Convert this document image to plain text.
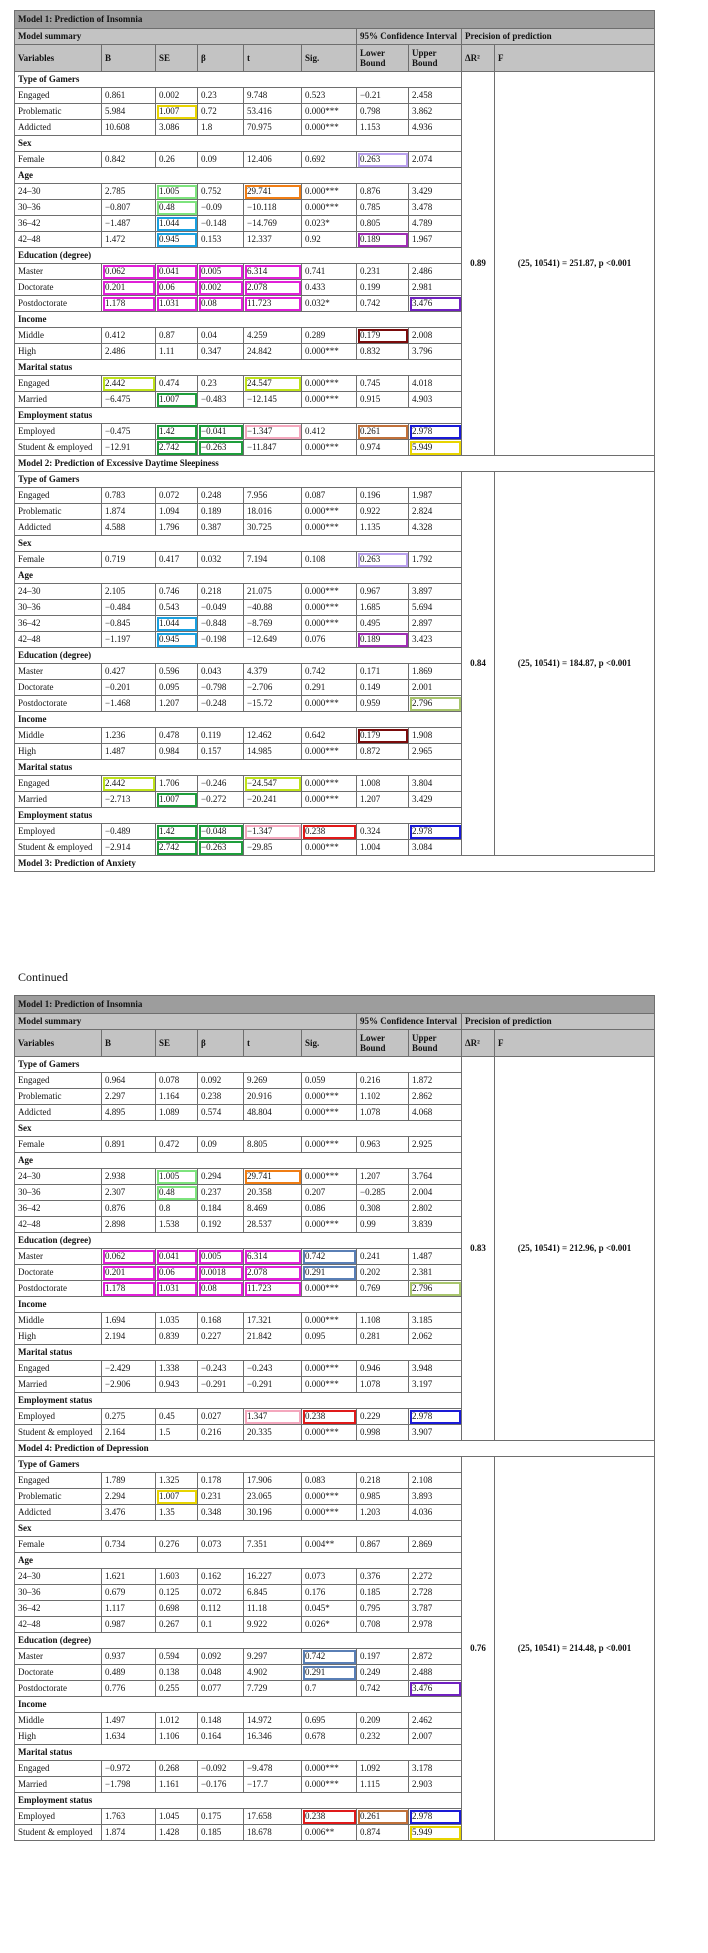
Model 1: Prediction of Insomnia									
Model summary						95% Confidence Interval		Precision of prediction	
Variables	B	SE	β	t	Sig.	Lower Bound	Upper Bound	ΔR²	F
Type of Gamers								0.89	(25, 10541) = 251.87, p <0.001
Engaged	0.861	0.002	0.23	9.748	0.523	−0.21	2.458		
Problematic	5.984	1.007	0.72	53.416	0.000***	0.798	3.862		
Addicted	10.608	3.086	1.8	70.975	0.000***	1.153	4.936		
Sex									
Female	0.842	0.26	0.09	12.406	0.692	0.263	2.074		
Age									
24–30	2.785	1.005	0.752	29.741	0.000***	0.876	3.429		
30–36	−0.807	0.48	−0.09	−10.118	0.000***	0.785	3.478		
36–42	−1.487	1.044	−0.148	−14.769	0.023*	0.805	4.789		
42–48	1.472	0.945	0.153	12.337	0.92	0.189	1.967		
Education (degree)									
Master	0.062	0.041	0.005	6.314	0.741	0.231	2.486		
Doctorate	0.201	0.06	0.002	2.078	0.433	0.199	2.981		
Postdoctorate	1.178	1.031	0.08	11.723	0.032*	0.742	3.476		
Income									
Middle	0.412	0.87	0.04	4.259	0.289	0.179	2.008		
High	2.486	1.11	0.347	24.842	0.000***	0.832	3.796		
Marital status									
Engaged	2.442	0.474	0.23	24.547	0.000***	0.745	4.018		
Married	−6.475	1.007	−0.483	−12.145	0.000***	0.915	4.903		
Employment status									
Employed	−0.475	1.42	−0.041	−1.347	0.412	0.261	2.978		
Student & employed	−12.91	2.742	−0.263	−11.847	0.000***	0.974	5.949		
Model 2: Prediction of Excessive Daytime Sleepiness									
Type of Gamers								0.84	(25, 10541) = 184.87, p <0.001
Engaged	0.783	0.072	0.248	7.956	0.087	0.196	1.987		
Problematic	1.874	1.094	0.189	18.016	0.000***	0.922	2.824		
Addicted	4.588	1.796	0.387	30.725	0.000***	1.135	4.328		
Sex									
Female	0.719	0.417	0.032	7.194	0.108	0.263	1.792		
Age									
24–30	2.105	0.746	0.218	21.075	0.000***	0.967	3.897		
30–36	−0.484	0.543	−0.049	−40.88	0.000***	1.685	5.694		
36–42	−0.845	1.044	−0.848	−8.769	0.000***	0.495	2.897		
42–48	−1.197	0.945	−0.198	−12.649	0.076	0.189	3.423		
Education (degree)									
Master	0.427	0.596	0.043	4.379	0.742	0.171	1.869		
Doctorate	−0.201	0.095	−0.798	−2.706	0.291	0.149	2.001		
Postdoctorate	−1.468	1.207	−0.248	−15.72	0.000***	0.959	2.796		
Income									
Middle	1.236	0.478	0.119	12.462	0.642	0.179	1.908		
High	1.487	0.984	0.157	14.985	0.000***	0.872	2.965		
Marital status									
Engaged	2.442	1.706	−0.246	−24.547	0.000***	1.008	3.804		
Married	−2.713	1.007	−0.272	−20.241	0.000***	1.207	3.429		
Employment status									
Employed	−0.489	1.42	−0.048	−1.347	0.238	0.324	2.978		
Student & employed	−2.914	2.742	−0.263	−29.85	0.000***	1.004	3.084		
Model 3: Prediction of Anxiety									
Continued
Model 1: Prediction of Insomnia									
Model summary						95% Confidence Interval		Precision of prediction	
Variables	B	SE	β	t	Sig.	Lower Bound	Upper Bound	ΔR²	F
Type of Gamers								0.83	(25, 10541) = 212.96, p <0.001
Engaged	0.964	0.078	0.092	9.269	0.059	0.216	1.872		
Problematic	2.297	1.164	0.238	20.916	0.000***	1.102	2.862		
Addicted	4.895	1.089	0.574	48.804	0.000***	1.078	4.068		
Sex									
Female	0.891	0.472	0.09	8.805	0.000***	0.963	2.925		
Age									
24–30	2.938	1.005	0.294	29.741	0.000***	1.207	3.764		
30–36	2.307	0.48	0.237	20.358	0.207	−0.285	2.004		
36–42	0.876	0.8	0.184	8.469	0.086	0.308	2.802		
42–48	2.898	1.538	0.192	28.537	0.000***	0.99	3.839		
Education (degree)									
Master	0.062	0.041	0.005	6.314	0.742	0.241	1.487		
Doctorate	0.201	0.06	0.0018	2.078	0.291	0.202	2.381		
Postdoctorate	1.178	1.031	0.08	11.723	0.000***	0.769	2.796		
Income									
Middle	1.694	1.035	0.168	17.321	0.000***	1.108	3.185		
High	2.194	0.839	0.227	21.842	0.095	0.281	2.062		
Marital status									
Engaged	−2.429	1.338	−0.243	−0.243	0.000***	0.946	3.948		
Married	−2.906	0.943	−0.291	−0.291	0.000***	1.078	3.197		
Employment status									
Employed	0.275	0.45	0.027	1.347	0.238	0.229	2.978		
Student & employed	2.164	1.5	0.216	20.335	0.000***	0.998	3.907		
Model 4: Prediction of Depression									
Type of Gamers								0.76	(25, 10541) = 214.48, p <0.001
Engaged	1.789	1.325	0.178	17.906	0.083	0.218	2.108		
Problematic	2.294	1.007	0.231	23.065	0.000***	0.985	3.893		
Addicted	3.476	1.35	0.348	30.196	0.000***	1.203	4.036		
Sex									
Female	0.734	0.276	0.073	7.351	0.004**	0.867	2.869		
Age									
24–30	1.621	1.603	0.162	16.227	0.073	0.376	2.272		
30–36	0.679	0.125	0.072	6.845	0.176	0.185	2.728		
36–42	1.117	0.698	0.112	11.18	0.045*	0.795	3.787		
42–48	0.987	0.267	0.1	9.922	0.026*	0.708	2.978		
Education (degree)									
Master	0.937	0.594	0.092	9.297	0.742	0.197	2.872		
Doctorate	0.489	0.138	0.048	4.902	0.291	0.249	2.488		
Postdoctorate	0.776	0.255	0.077	7.729	0.7	0.742	3.476		
Income									
Middle	1.497	1.012	0.148	14.972	0.695	0.209	2.462		
High	1.634	1.106	0.164	16.346	0.678	0.232	2.007		
Marital status									
Engaged	−0.972	0.268	−0.092	−9.478	0.000***	1.092	3.178		
Married	−1.798	1.161	−0.176	−17.7	0.000***	1.115	2.903		
Employment status									
Employed	1.763	1.045	0.175	17.658	0.238	0.261	2.978		
Student & employed	1.874	1.428	0.185	18.678	0.006**	0.874	5.949		
